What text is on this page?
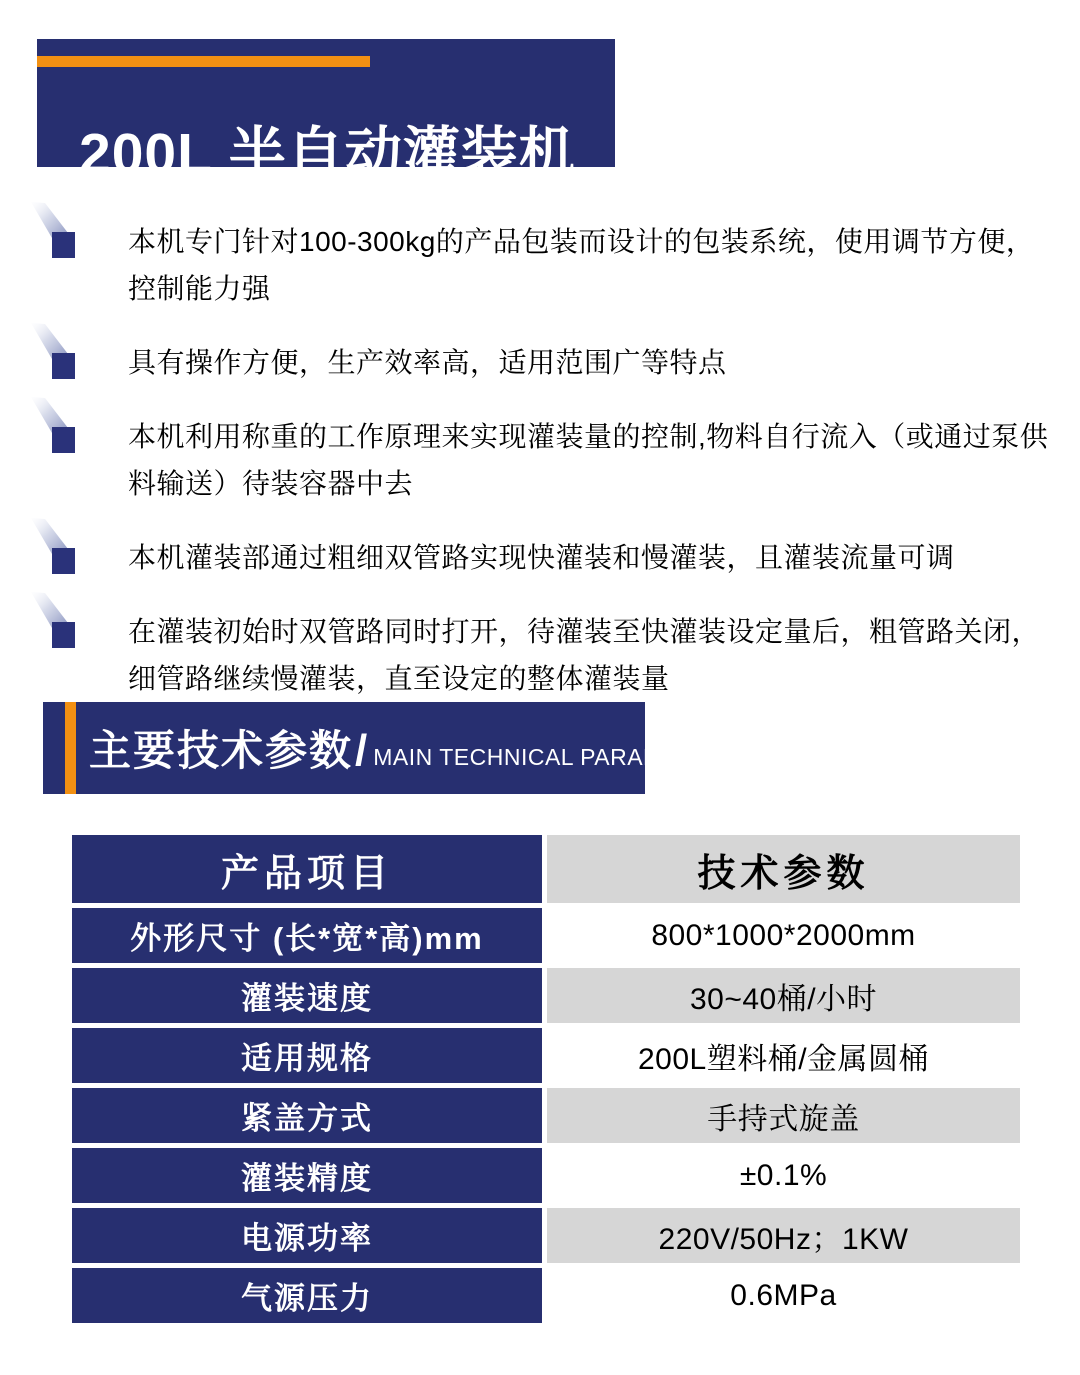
200L 半自动灌装机
本机专门针对100-300kg的产品包装而设计的包装系统，使用调节方便，控制能力强
具有操作方便，生产效率高，适用范围广等特点
本机利用称重的工作原理来实现灌装量的控制,物料自行流入（或通过泵供料输送）待装容器中去
本机灌装部通过粗细双管路实现快灌装和慢灌装，且灌装流量可调
在灌装初始时双管路同时打开，待灌装至快灌装设定量后，粗管路关闭，细管路继续慢灌装，直至设定的整体灌装量
主要技术参数 / MAIN TECHNICAL PARAMETERS
产品项目	技术参数
外形尺寸 (长*宽*高)mm	800*1000*2000mm
灌装速度	30~40桶/小时
适用规格	200L塑料桶/金属圆桶
紧盖方式	手持式旋盖
灌装精度	±0.1%
电源功率	220V/50Hz；1KW
气源压力	0.6MPa
